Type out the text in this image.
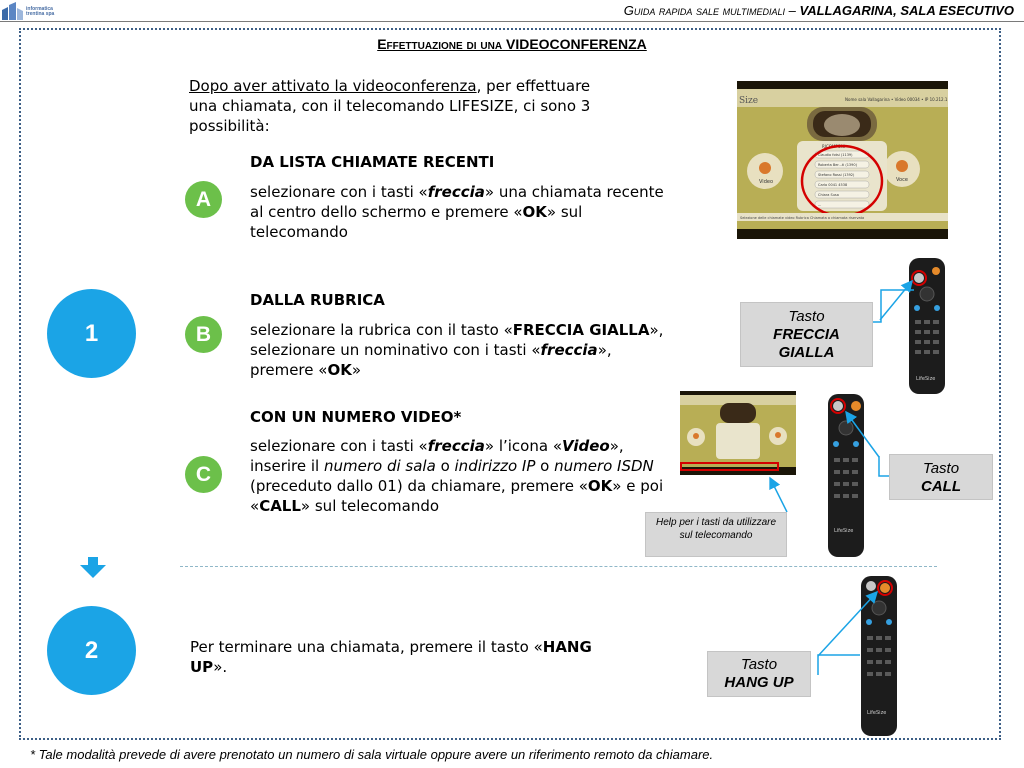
informatica
trentina spa	Guida rapida sale multimediali – VALLAGARINA, SALA ESECUTIVO
Effettuazione di una VIDEOCONFERENZA
Dopo aver attivato la videoconferenza, per effettuare una chiamata, con il telecomando LIFESIZE, ci sono 3 possibilità:
DA LISTA CHIAMATE RECENTI
A	selezionare con i tasti «freccia» una chiamata recente al centro dello schermo e premere «OK» sul telecomando
1
DALLA RUBRICA
B	selezionare la rubrica con il tasto «FRECCIA GIALLA», selezionare un nominativo con i tasti «freccia», premere «OK»
CON UN NUMERO VIDEO*
C
selezionare con i tasti «freccia» l’icona «Video», inserire il numero di sala o indirizzo IP o numero ISDN (preceduto dallo 01) da chiamare, premere «OK» e poi «CALL» sul telecomando
2	Per terminare una chiamata, premere il tasto «HANG UP».
Size	Nome sala Vallagarina • Video 00034 • IP 10.212.1
Video	Voce
RICOMPONI
Claudio fotsi (1139)
Roberta Ber...ti (1390)
Stefano Rossi (1392)
Carlo 0041 4538
Chiara Susa
...
Selezione delle chiamate video Rubrica Chiamata a chiamata riservata
LifeSize
LifeSize
LifeSize
Tasto
FRECCIA
GIALLA
Tasto
CALL
Help per i tasti da utilizzare sul telecomando
Tasto
HANG UP
* Tale modalità prevede di avere prenotato un numero di sala virtuale oppure avere un riferimento remoto da chiamare.
